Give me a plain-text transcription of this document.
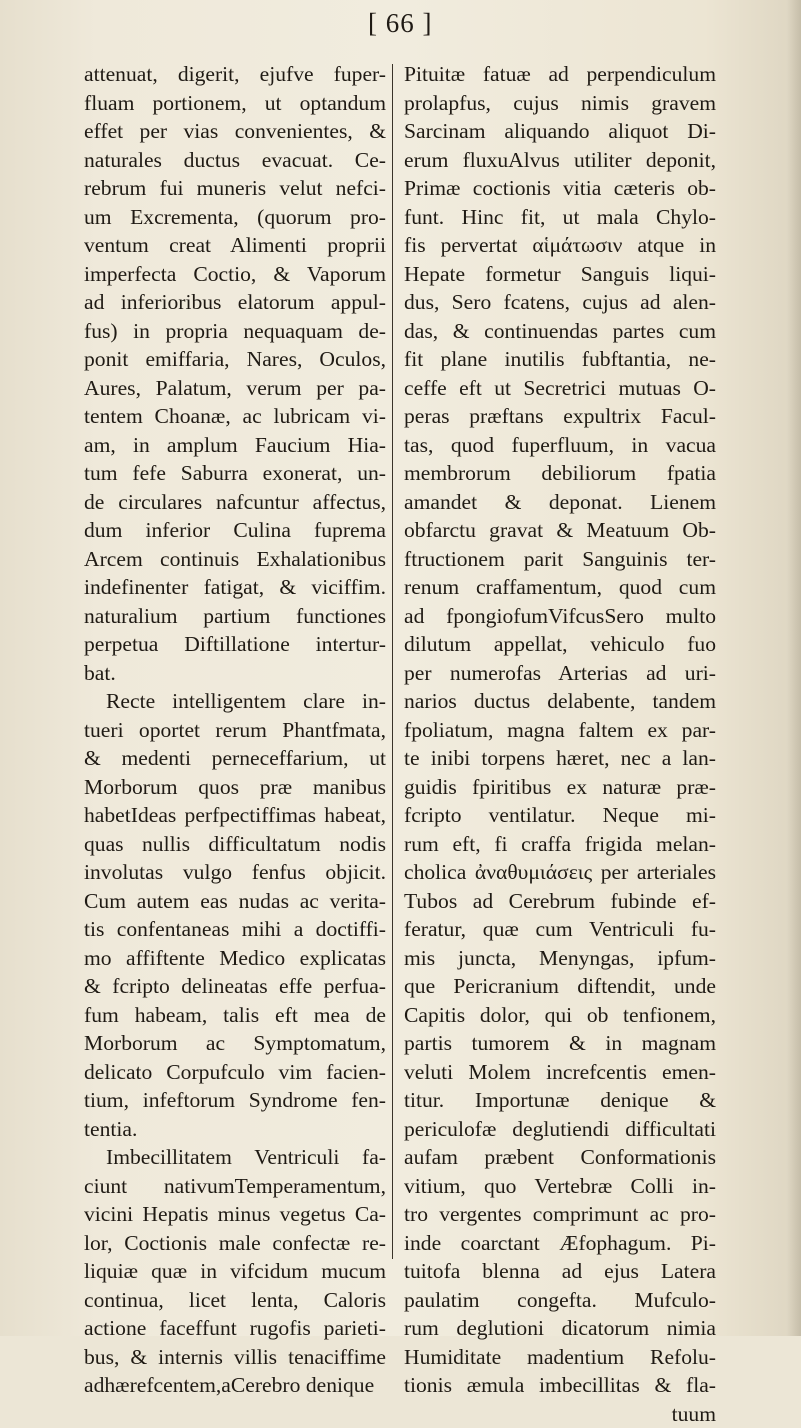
[ 66 ]
attenuat, digerit, ejufve fuper-
fluam portionem, ut optandum
effet per vias convenientes, &
naturales ductus evacuat. Ce-
rebrum fui muneris velut nefci-
um Excrementa, (quorum pro-
ventum creat Alimenti proprii
imperfecta Coctio, & Vaporum
ad inferioribus elatorum appul-
fus) in propria nequaquam de-
ponit emiffaria, Nares, Oculos,
Aures, Palatum, verum per pa-
tentem Choanæ, ac lubricam vi-
am, in amplum Faucium Hia-
tum fefe Saburra exonerat, un-
de circulares nafcuntur affectus,
dum inferior Culina fuprema
Arcem continuis Exhalationibus
indefinenter fatigat, & viciffim.
naturalium partium functiones
perpetua Diftillatione intertur-
bat.
Recte intelligentem clare in-
tueri oportet rerum Phantfmata,
& medenti perneceffarium, ut
Morborum quos præ manibus
habetIdeas perfpectiffimas habeat,
quas nullis difficultatum nodis
involutas vulgo fenfus objicit.
Cum autem eas nudas ac verita-
tis confentaneas mihi a doctiffi-
mo affiftente Medico explicatas
& fcripto delineatas effe perfua-
fum habeam, talis eft mea de
Morborum ac Symptomatum,
delicato Corpufculo vim facien-
tium, infeftorum Syndrome fen-
tentia.
Imbecillitatem Ventriculi fa-
ciunt nativumTemperamentum,
vicini Hepatis minus vegetus Ca-
lor, Coctionis male confectæ re-
liquiæ quæ in vifcidum mucum
continua, licet lenta, Caloris
actione faceffunt rugofis parieti-
bus, & internis villis tenaciffime
adhærefcentem,aCerebro denique
Pituitæ fatuæ ad perpendiculum
prolapfus, cujus nimis gravem
Sarcinam aliquando aliquot Di-
erum fluxuAlvus utiliter deponit,
Primæ coctionis vitia cæteris ob-
funt. Hinc fit, ut mala Chylo-
fis pervertat αἱμάτωσιν atque in
Hepate formetur Sanguis liqui-
dus, Sero fcatens, cujus ad alen-
das, & continuendas partes cum
fit plane inutilis fubftantia, ne-
ceffe eft ut Secretrici mutuas O-
peras præftans expultrix Facul-
tas, quod fuperfluum, in vacua
membrorum debiliorum fpatia
amandet & deponat. Lienem
obfarctu gravat & Meatuum Ob-
ftructionem parit Sanguinis ter-
renum craffamentum, quod cum
ad fpongiofumVifcusSero multo
dilutum appellat, vehiculo fuo
per numerofas Arterias ad uri-
narios ductus delabente, tandem
fpoliatum, magna faltem ex par-
te inibi torpens hæret, nec a lan-
guidis fpiritibus ex naturæ præ-
fcripto ventilatur. Neque mi-
rum eft, fi craffa frigida melan-
cholica ἀναθυμιάσεις per arteriales
Tubos ad Cerebrum fubinde ef-
feratur, quæ cum Ventriculi fu-
mis juncta, Menyngas, ipfum-
que Pericranium diftendit, unde
Capitis dolor, qui ob tenfionem,
partis tumorem & in magnam
veluti Molem increfcentis emen-
titur. Importunæ denique &
periculofæ deglutiendi difficultati
aufam præbent Conformationis
vitium, quo Vertebræ Colli in-
tro vergentes comprimunt ac pro-
inde coarctant Æfophagum. Pi-
tuitofa blenna ad ejus Latera
paulatim congefta. Mufculo-
rum deglutioni dicatorum nimia
Humiditate madentium Refolu-
tionis æmula imbecillitas & fla-
tuum
